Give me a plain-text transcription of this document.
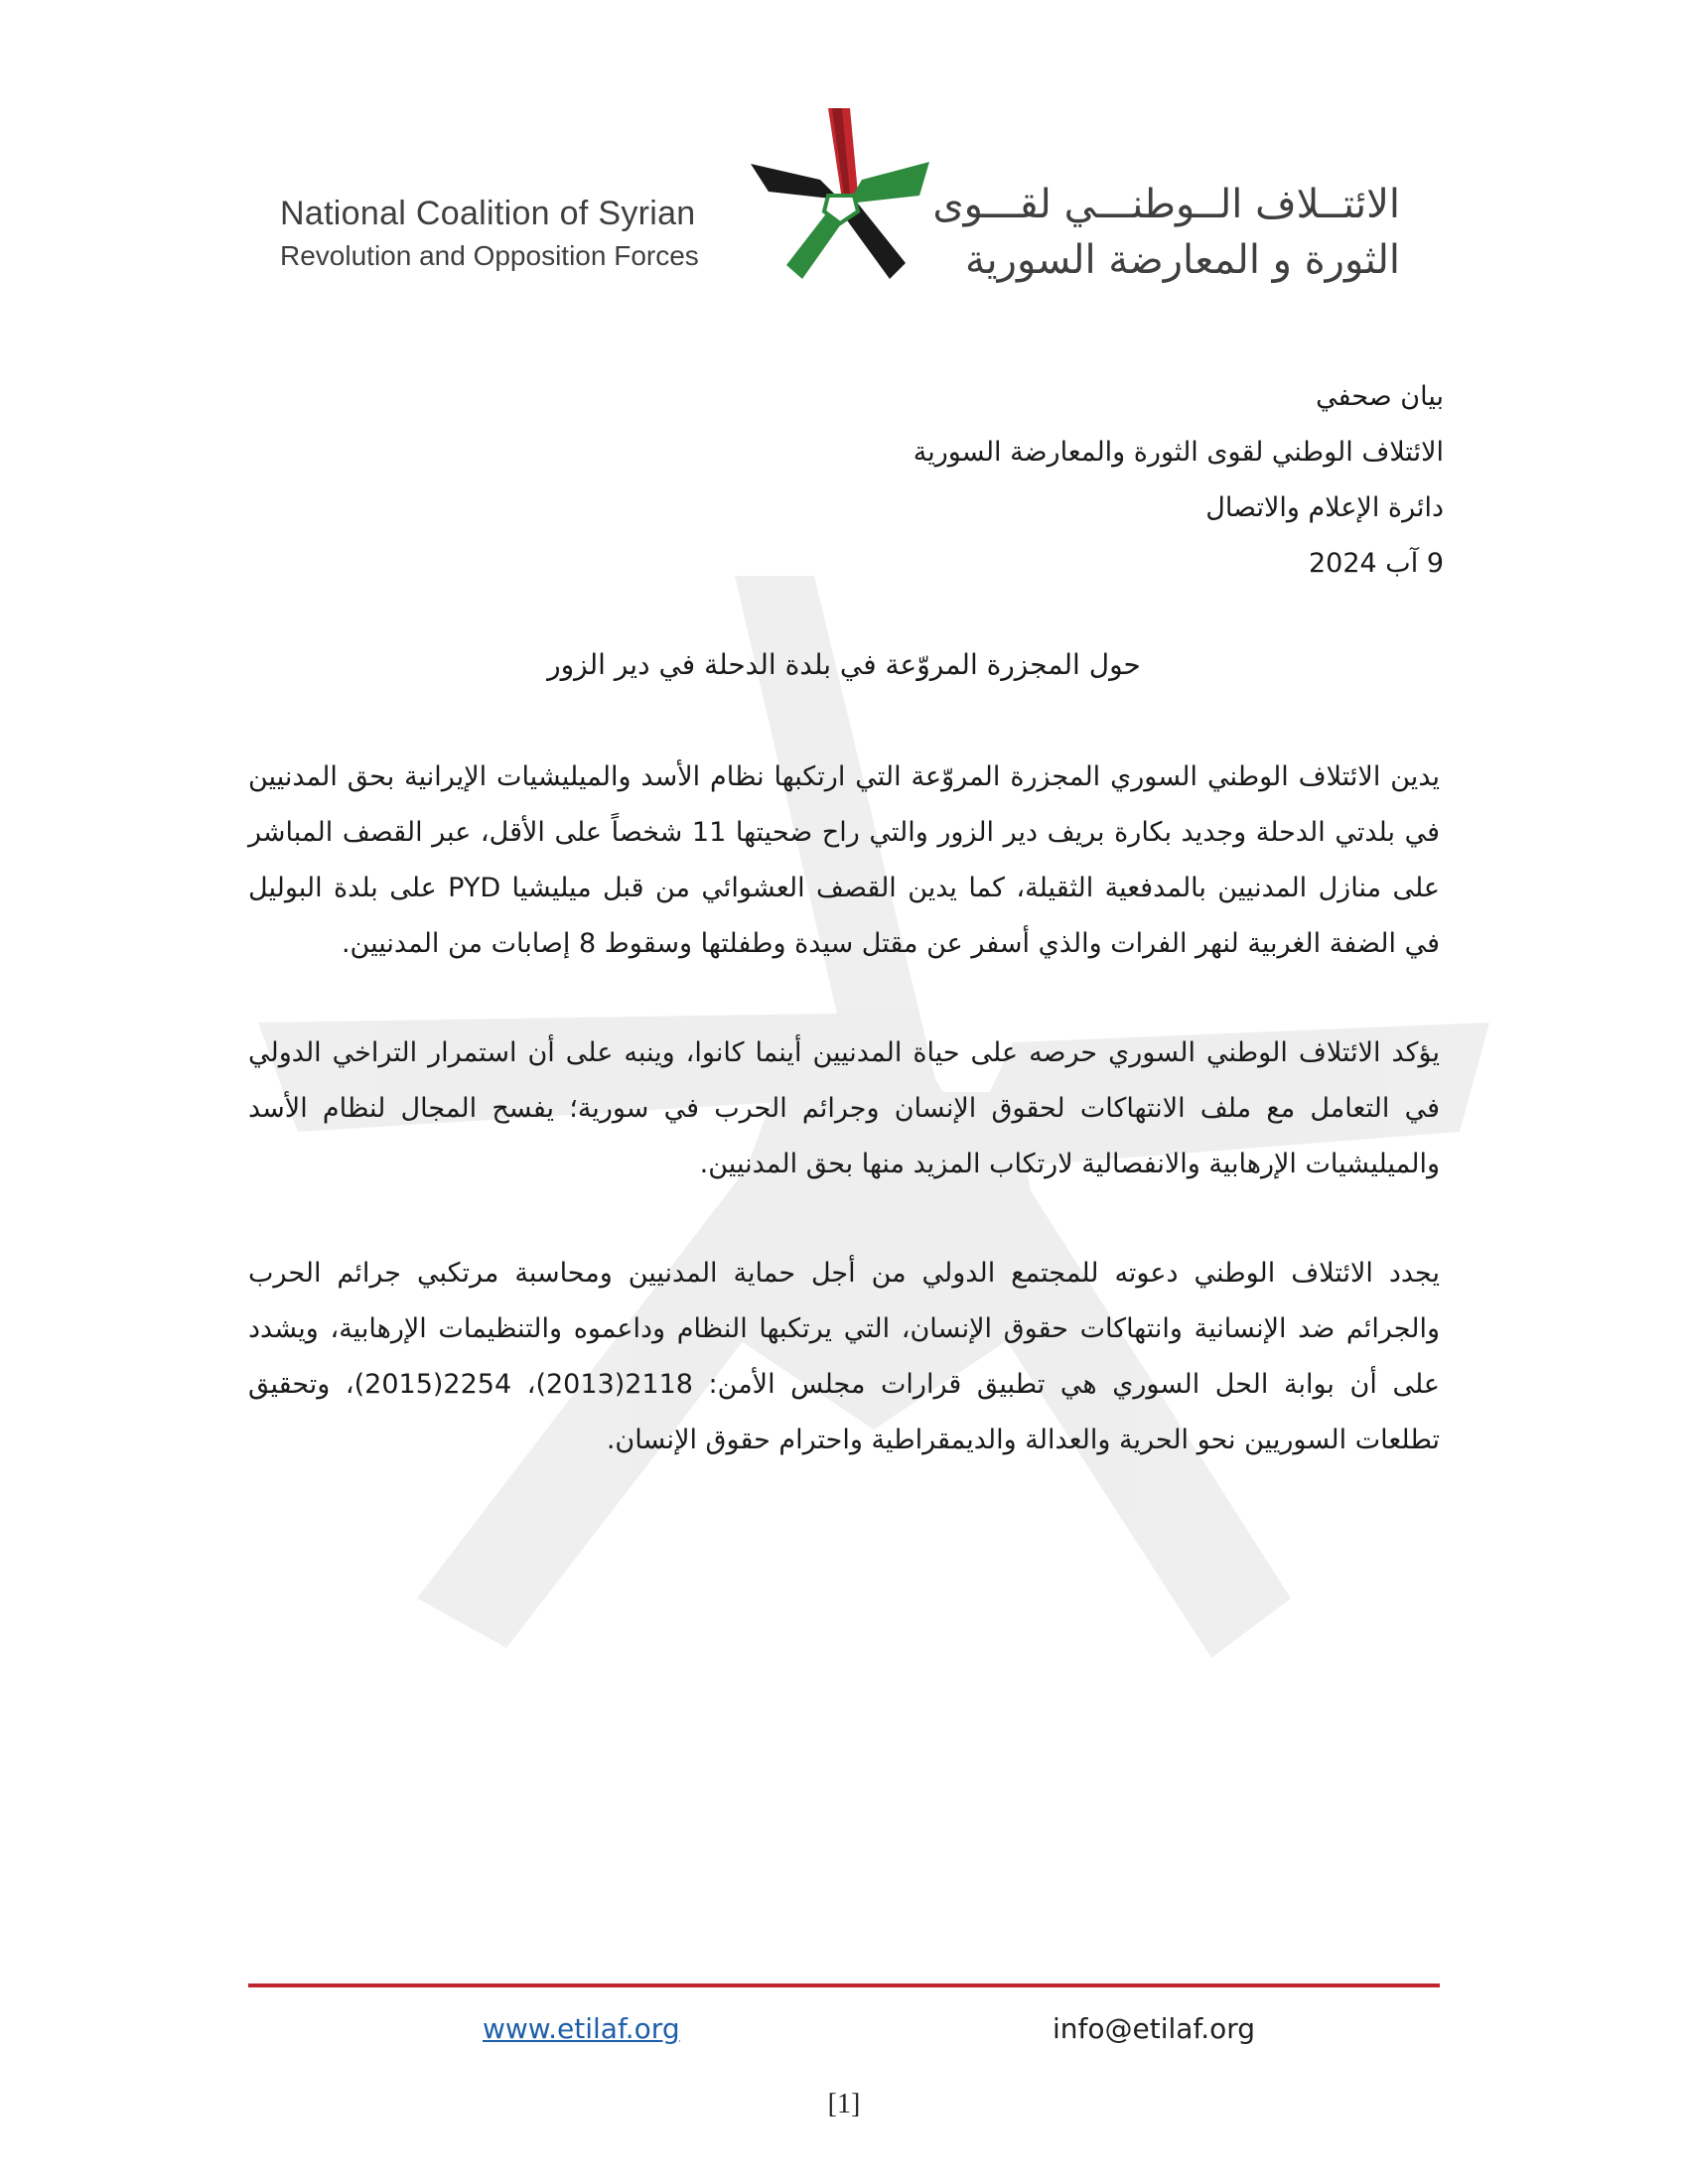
National Coalition of Syrian
Revolution and Opposition Forces
الائتــلاف الــوطنـــي لقـــوى
الثورة و المعارضة السورية
بيان صحفي
الائتلاف الوطني لقوى الثورة والمعارضة السورية
دائرة الإعلام والاتصال
9 آب 2024
حول المجزرة المروّعة في بلدة الدحلة في دير الزور

يدين الائتلاف الوطني السوري المجزرة المروّعة التي ارتكبها نظام الأسد والميليشيات الإيرانية بحق المدنيين في بلدتي الدحلة وجديد بكارة بريف دير الزور والتي راح ضحيتها 11 شخصاً على الأقل، عبر القصف المباشر على منازل المدنيين بالمدفعية الثقيلة، كما يدين القصف العشوائي من قبل ميليشيا PYD على بلدة البوليل في الضفة الغربية لنهر الفرات والذي أسفر عن مقتل سيدة وطفلتها وسقوط 8 إصابات من المدنيين.

يؤكد الائتلاف الوطني السوري حرصه على حياة المدنيين أينما كانوا، وينبه على أن استمرار التراخي الدولي في التعامل مع ملف الانتهاكات لحقوق الإنسان وجرائم الحرب في سورية؛ يفسح المجال لنظام الأسد والميليشيات الإرهابية والانفصالية لارتكاب المزيد منها بحق المدنيين.

يجدد الائتلاف الوطني دعوته للمجتمع الدولي من أجل حماية المدنيين ومحاسبة مرتكبي جرائم الحرب والجرائم ضد الإنسانية وانتهاكات حقوق الإنسان، التي يرتكبها النظام وداعموه والتنظيمات الإرهابية، ويشدد على أن بوابة الحل السوري هي تطبيق قرارات مجلس الأمن: 2118(2013)، 2254(2015)، وتحقيق تطلعات السوريين نحو الحرية والعدالة والديمقراطية واحترام حقوق الإنسان.

www.etilaf.org	info@etilaf.org
[1]
